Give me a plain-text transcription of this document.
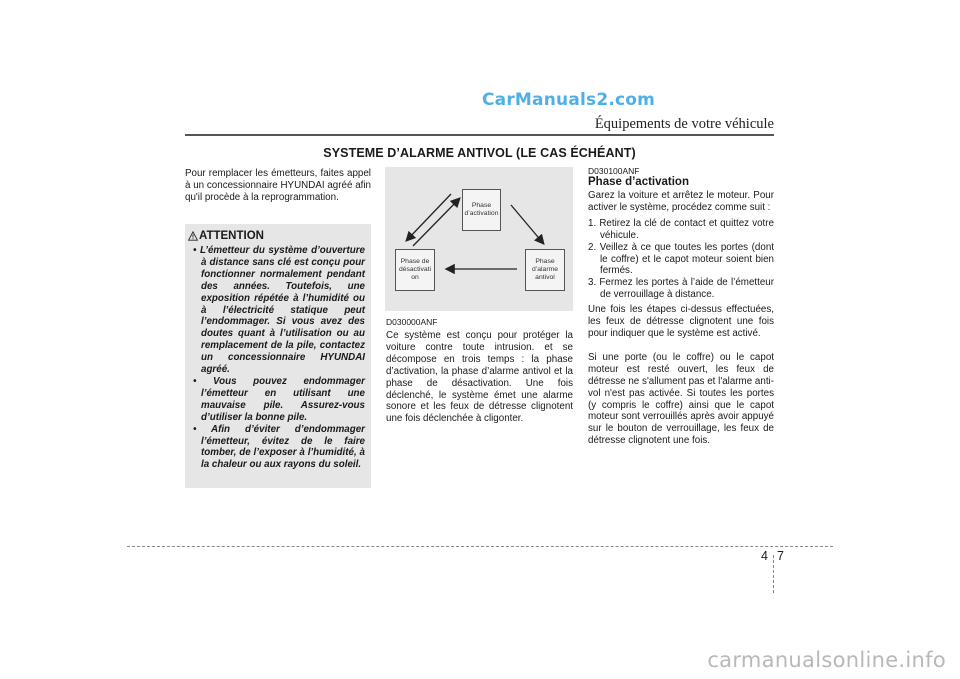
CarManuals2.com
Équipements de votre véhicule
SYSTEME D’ALARME ANTIVOL (LE CAS ÉCHÉANT)
Pour remplacer les émetteurs, faites appel à un concessionnaire HYUNDAI agréé afin qu'il procède à la reprogrammation.
ATTENTION
• L’émetteur du système d’ouverture à distance sans clé est conçu pour fonctionner normalement pendant des années. Toutefois, une exposition répétée à l’humidité ou à l’électricité statique peut l’endommager. Si vous avez des doutes quant à l’utilisation ou au remplacement de la pile, contactez un concessionnaire HYUNDAI agréé.
• Vous pouvez endommager l’émetteur en utilisant une mauvaise pile. Assurez-vous d’utiliser la bonne pile.
• Afin d’éviter d’endommager l’émetteur, évitez de le faire tomber, de l’exposer à l’humidité, à la chaleur ou aux rayons du soleil.
Phase d’activation
Phase de désactivati on
Phase d’alarme antivol
D030000ANF
Ce système est conçu pour protéger la voiture contre toute intrusion. et se décompose en trois temps : la phase d’activation, la phase d’alarme antivol et la phase de désactivation. Une fois déclenché, le système émet une alarme sonore et les feux de détresse clignotent une fois déclenchée à cligonter.
D030100ANF
Phase d’activation
Garez la voiture et arrêtez le moteur. Pour activer le système, procédez comme suit :
1. Retirez la clé de contact et quittez votre véhicule.
2. Veillez à ce que toutes les portes (dont le coffre) et le capot moteur soient bien fermés.
3. Fermez les portes à l’aide de l’émetteur de verrouillage à distance.
Une fois les étapes ci-dessus effectuées, les feux de détresse clignotent une fois pour indiquer que le système est activé.
Si une porte (ou le coffre) ou le capot moteur est resté ouvert, les feux de détresse ne s'allument pas et l'alarme anti-vol n'est pas activée. Si toutes les portes (y compris le coffre) ainsi que le capot moteur sont verrouillés après avoir appuyé sur le bouton de verrouillage, les feux de détresse clignotent une fois.
4 7
carmanualsonline.info
